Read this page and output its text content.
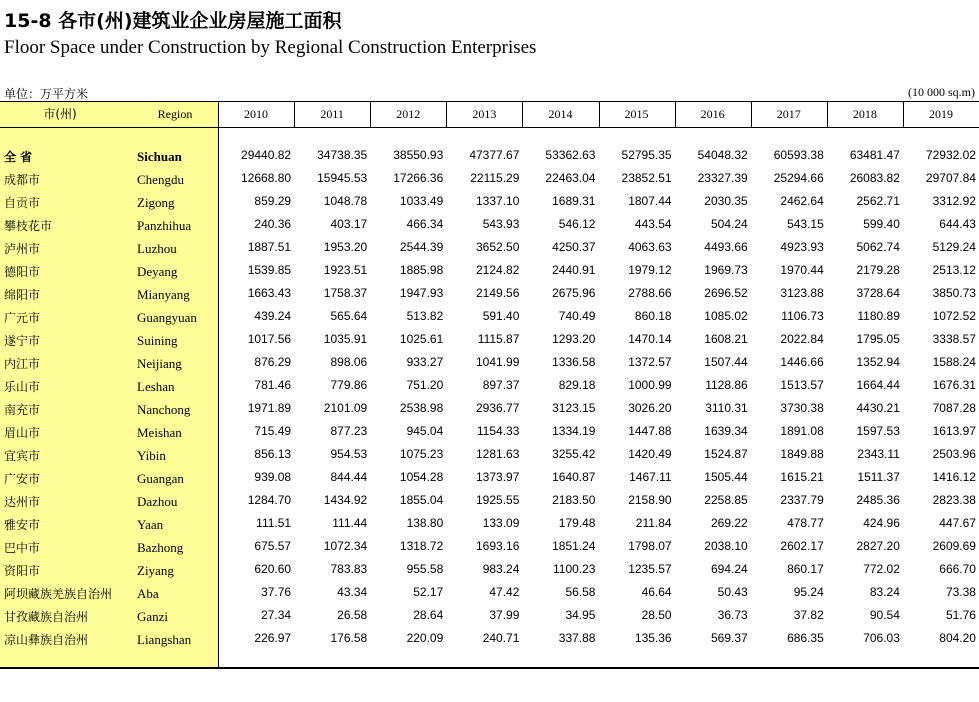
15-8 各市(州)建筑业企业房屋施工面积
Floor Space under Construction by Regional Construction Enterprises
单位：万平方米	(10 000 sq.m)
市(州)	Region	2010	2011	2012	2013	2014	2015	2016	2017	2018	2019
全 省	Sichuan	29440.82	34738.35	38550.93	47377.67	53362.63	52795.35	54048.32	60593.38	63481.47	72932.02
成都市	Chengdu	12668.80	15945.53	17266.36	22115.29	22463.04	23852.51	23327.39	25294.66	26083.82	29707.84
自贡市	Zigong	859.29	1048.78	1033.49	1337.10	1689.31	1807.44	2030.35	2462.64	2562.71	3312.92
攀枝花市	Panzhihua	240.36	403.17	466.34	543.93	546.12	443.54	504.24	543.15	599.40	644.43
泸州市	Luzhou	1887.51	1953.20	2544.39	3652.50	4250.37	4063.63	4493.66	4923.93	5062.74	5129.24
德阳市	Deyang	1539.85	1923.51	1885.98	2124.82	2440.91	1979.12	1969.73	1970.44	2179.28	2513.12
绵阳市	Mianyang	1663.43	1758.37	1947.93	2149.56	2675.96	2788.66	2696.52	3123.88	3728.64	3850.73
广元市	Guangyuan	439.24	565.64	513.82	591.40	740.49	860.18	1085.02	1106.73	1180.89	1072.52
遂宁市	Suining	1017.56	1035.91	1025.61	1115.87	1293.20	1470.14	1608.21	2022.84	1795.05	3338.57
内江市	Neijiang	876.29	898.06	933.27	1041.99	1336.58	1372.57	1507.44	1446.66	1352.94	1588.24
乐山市	Leshan	781.46	779.86	751.20	897.37	829.18	1000.99	1128.86	1513.57	1664.44	1676.31
南充市	Nanchong	1971.89	2101.09	2538.98	2936.77	3123.15	3026.20	3110.31	3730.38	4430.21	7087.28
眉山市	Meishan	715.49	877.23	945.04	1154.33	1334.19	1447.88	1639.34	1891.08	1597.53	1613.97
宜宾市	Yibin	856.13	954.53	1075.23	1281.63	3255.42	1420.49	1524.87	1849.88	2343.11	2503.96
广安市	Guangan	939.08	844.44	1054.28	1373.97	1640.87	1467.11	1505.44	1615.21	1511.37	1416.12
达州市	Dazhou	1284.70	1434.92	1855.04	1925.55	2183.50	2158.90	2258.85	2337.79	2485.36	2823.38
雅安市	Yaan	111.51	111.44	138.80	133.09	179.48	211.84	269.22	478.77	424.96	447.67
巴中市	Bazhong	675.57	1072.34	1318.72	1693.16	1851.24	1798.07	2038.10	2602.17	2827.20	2609.69
资阳市	Ziyang	620.60	783.83	955.58	983.24	1100.23	1235.57	694.24	860.17	772.02	666.70
阿坝藏族羌族自治州 Aba	37.76	43.34	52.17	47.42	56.58	46.64	50.43	95.24	83.24	73.38
甘孜藏族自治州	Ganzi	27.34	26.58	28.64	37.99	34.95	28.50	36.73	37.82	90.54	51.76
凉山彝族自治州	Liangshan	226.97	176.58	220.09	240.71	337.88	135.36	569.37	686.35	706.03	804.20
